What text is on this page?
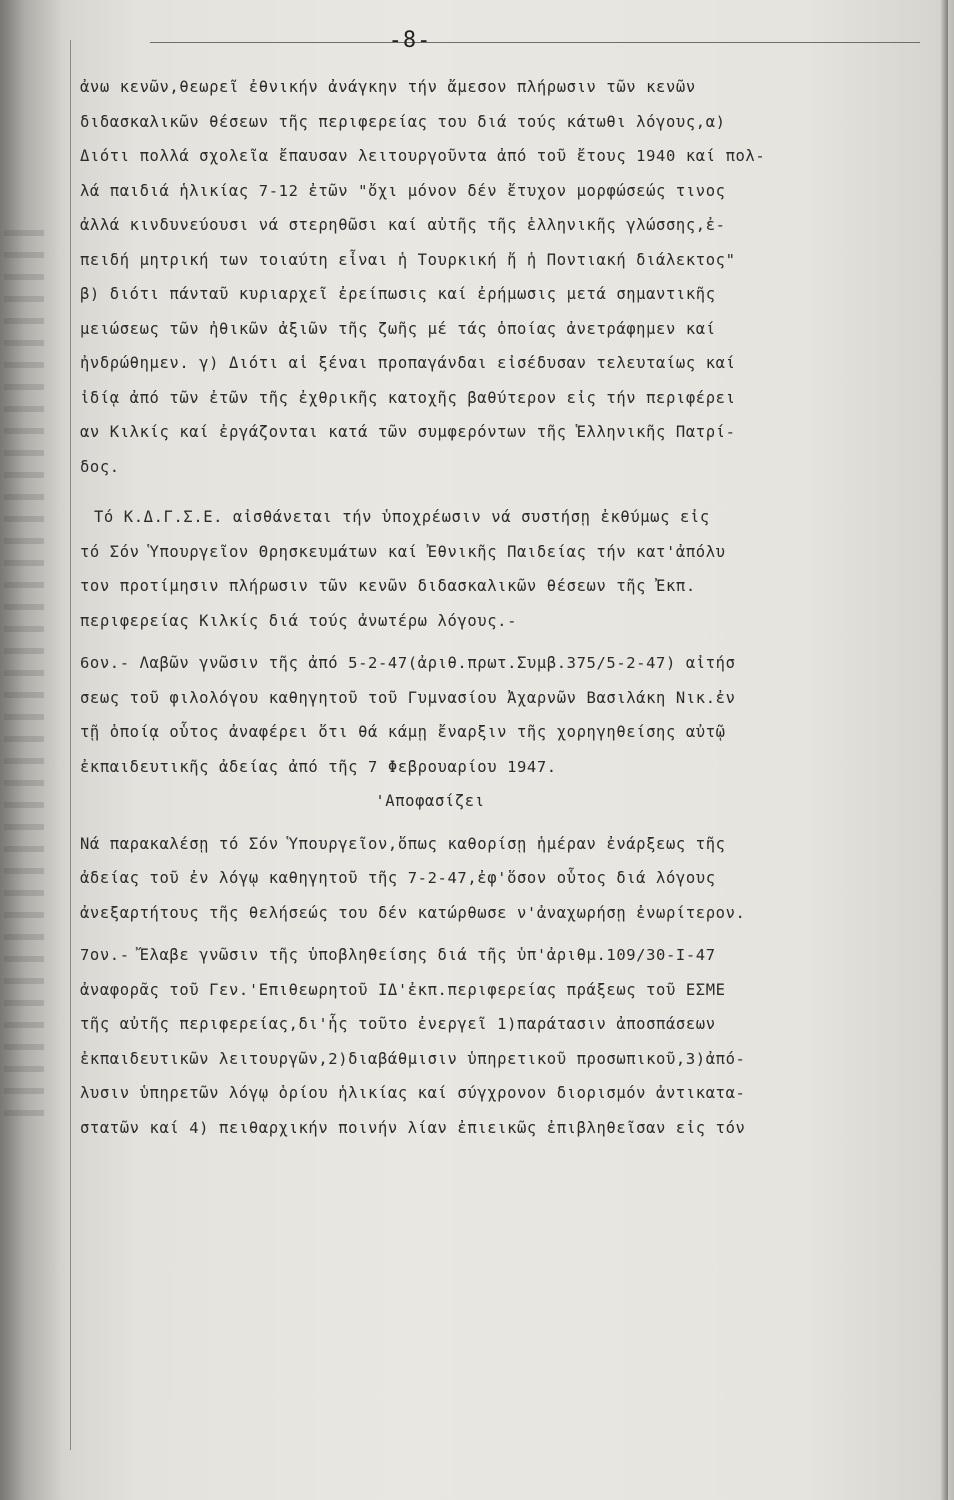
-8-
ἀνω κενῶν,θεωρεῖ ἐθνικήν ἀνάγκην τήν ἄμεσον πλήρωσιν τῶν κενῶν
διδασκαλικῶν θέσεων τῆς περιφερείας του διά τούς κάτωθι λόγους,α)
Διότι πολλά σχολεῖα ἔπαυσαν λειτουργοῦντα ἀπό τοῦ ἔτους 1940 καί πολ-
λά παιδιά ἡλικίας 7-12 ἐτῶν "ὄχι μόνον δέν ἔτυχον μορφώσεώς τινος
ἀλλά κινδυνεύουσι νά στερηθῶσι καί αὐτῆς τῆς ἑλληνικῆς γλώσσης,ἐ-
πειδή μητρική των τοιαύτη εἶναι ἡ Τουρκική ἤ ἡ Ποντιακή διάλεκτος"
β) διότι πάνταῦ κυριαρχεῖ ἐρείπωσις καί ἐρήμωσις μετά σημαντικῆς
μειώσεως τῶν ἠθικῶν ἀξιῶν τῆς ζωῆς μέ τάς ὁποίας ἀνετράφημεν καί
ἠνδρώθημεν. γ) Διότι αἱ ξέναι προπαγάνδαι εἰσέδυσαν τελευταίως καί
ἰδίᾳ ἀπό τῶν ἐτῶν τῆς ἐχθρικῆς κατοχῆς βαθύτερον εἰς τήν περιφέρει
αν Κιλκίς καί ἐργάζονται κατά τῶν συμφερόντων τῆς Ἑλληνικῆς Πατρί-
δος.
Τό Κ.Δ.Γ.Σ.Ε. αἰσθάνεται τήν ὑποχρέωσιν νά συστήσῃ ἐκθύμως εἰς
τό Σόν Ὑπουργεῖον Θρησκευμάτων καί Ἐθνικῆς Παιδείας τήν κατ'ἀπόλυ
τον προτίμησιν πλήρωσιν τῶν κενῶν διδασκαλικῶν θέσεων τῆς Ἐκπ.
περιφερείας Κιλκίς διά τούς ἀνωτέρω λόγους.-
6ον.- Λαβῶν γνῶσιν τῆς ἀπό 5-2-47(ἀριθ.πρωτ.Συμβ.375/5-2-47) αἰτήσ
σεως τοῦ φιλολόγου καθηγητοῦ τοῦ Γυμνασίου Ἀχαρνῶν Βασιλάκη Νικ.ἐν
τῇ ὁποίᾳ οὗτος ἀναφέρει ὅτι θά κάμῃ ἔναρξιν τῆς χορηγηθείσης αὐτῷ
ἐκπαιδευτικῆς ἀδείας ἀπό τῆς 7 Φεβρουαρίου 1947.
'Αποφασίζει
Νά παρακαλέσῃ τό Σόν Ὑπουργεῖον,ὅπως καθορίσῃ ἡμέραν ἐνάρξεως τῆς
ἀδείας τοῦ ἐν λόγῳ καθηγητοῦ τῆς 7-2-47,ἐφ'ὅσον οὗτος διά λόγους
ἀνεξαρτήτους τῆς θελήσεώς του δέν κατώρθωσε ν'ἀναχωρήσῃ ἐνωρίτερον.
7ον.- Ἔλαβε γνῶσιν τῆς ὑποβληθείσης διά τῆς ὑπ'ἀριθμ.109/30-I-47
ἀναφορᾶς τοῦ Γεν.'Επιθεωρητοῦ ΙΔ'ἐκπ.περιφερείας πράξεως τοῦ ΕΣΜΕ
τῆς αὐτῆς περιφερείας,δι'ἧς τοῦτο ἐνεργεῖ 1)παράτασιν ἀποσπάσεων
ἐκπαιδευτικῶν λειτουργῶν,2)διαβάθμισιν ὑπηρετικοῦ προσωπικοῦ,3)ἀπό-
λυσιν ὑπηρετῶν λόγῳ ὁρίου ἡλικίας καί σύγχρονον διορισμόν ἀντικατα-
στατῶν καί 4) πειθαρχικήν ποινήν λίαν ἐπιεικῶς ἐπιβληθεῖσαν εἰς τόν
